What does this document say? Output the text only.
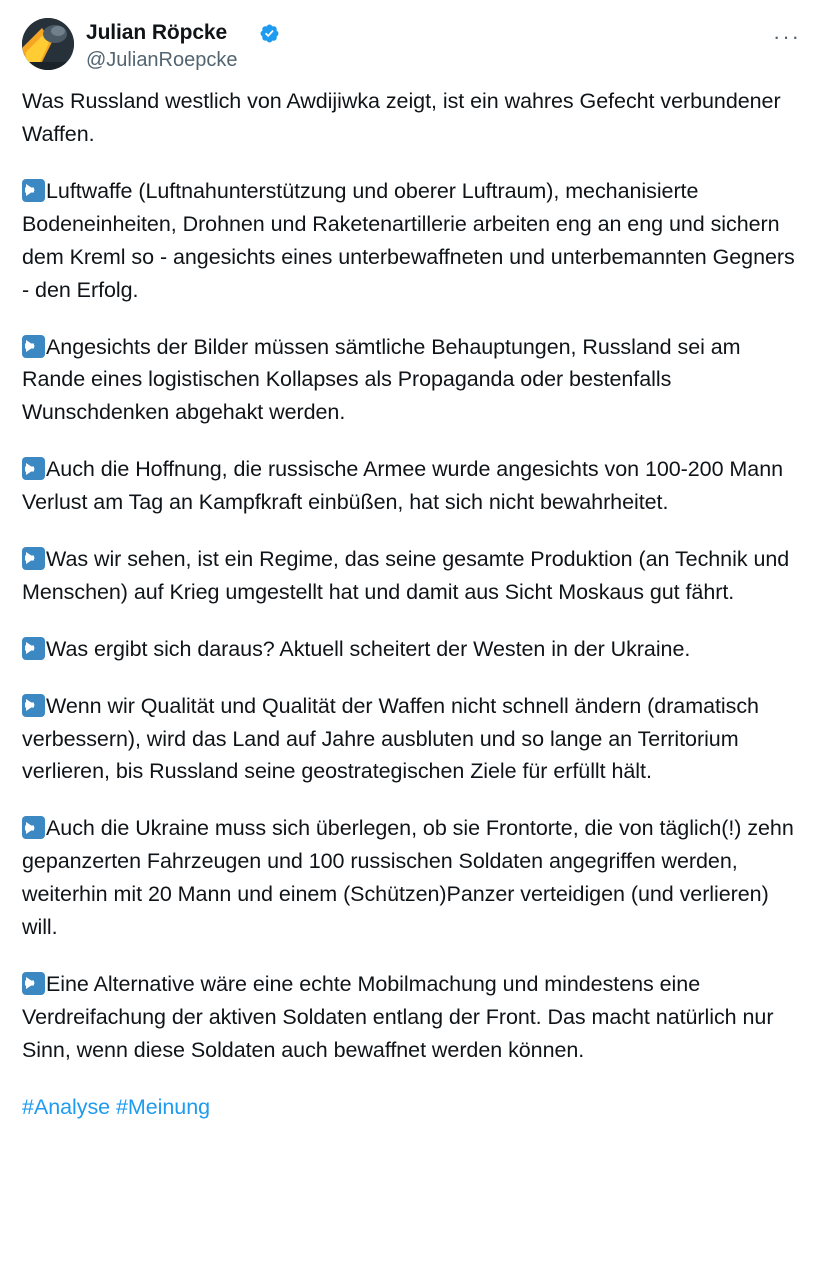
Julian Röpcke
@JulianRoepcke
···

Was Russland westlich von Awdijiwka zeigt, ist ein wahres Gefecht verbundener Waffen.

Luftwaffe (Luftnahunterstützung und oberer Luftraum), mechanisierte Bodeneinheiten, Drohnen und Raketenartillerie arbeiten eng an eng und sichern dem Kreml so - angesichts eines unterbewaffneten und unterbemannten Gegners - den Erfolg.

Angesichts der Bilder müssen sämtliche Behauptungen, Russland sei am Rande eines logistischen Kollapses als Propaganda oder bestenfalls Wunschdenken abgehakt werden.

Auch die Hoffnung, die russische Armee wurde angesichts von 100-200 Mann Verlust am Tag an Kampfkraft einbüßen, hat sich nicht bewahrheitet.

Was wir sehen, ist ein Regime, das seine gesamte Produktion (an Technik und Menschen) auf Krieg umgestellt hat und damit aus Sicht Moskaus gut fährt.

Was ergibt sich daraus? Aktuell scheitert der Westen in der Ukraine.

Wenn wir Qualität und Qualität der Waffen nicht schnell ändern (dramatisch verbessern), wird das Land auf Jahre ausbluten und so lange an Territorium verlieren, bis Russland seine geostrategischen Ziele für erfüllt hält.

Auch die Ukraine muss sich überlegen, ob sie Frontorte, die von täglich(!) zehn gepanzerten Fahrzeugen und 100 russischen Soldaten angegriffen werden, weiterhin mit 20 Mann und einem (Schützen)Panzer verteidigen (und verlieren) will.

Eine Alternative wäre eine echte Mobilmachung und mindestens eine Verdreifachung der aktiven Soldaten entlang der Front. Das macht natürlich nur Sinn, wenn diese Soldaten auch bewaffnet werden können.

#Analyse #Meinung
